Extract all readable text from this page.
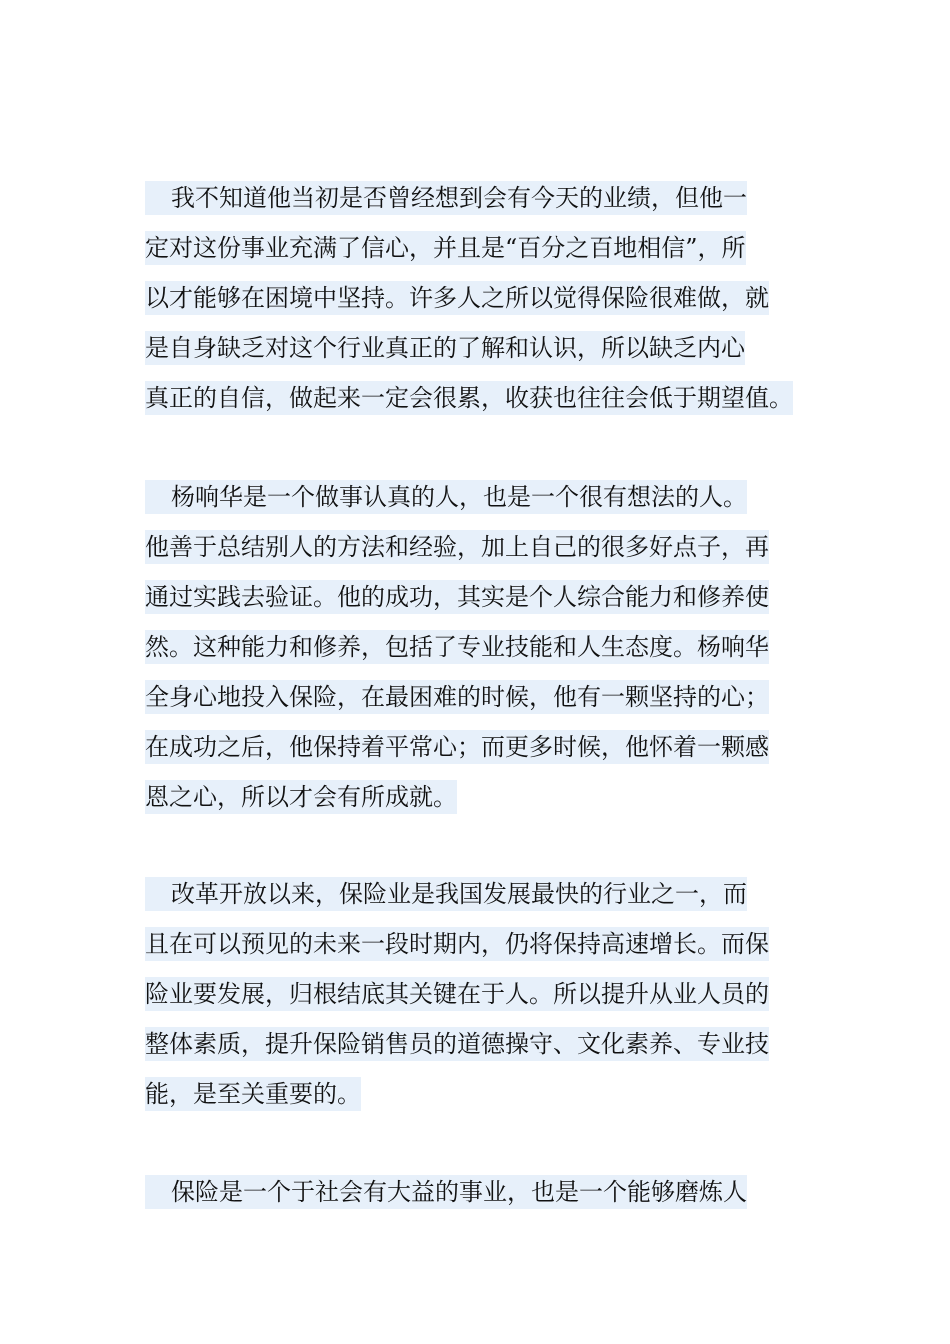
我不知道他当初是否曾经想到会有今天的业绩，但他一
定对这份事业充满了信心，并且是“百分之百地相信”，所
以才能够在困境中坚持。许多人之所以觉得保险很难做，就
是自身缺乏对这个行业真正的了解和认识，所以缺乏内心
真正的自信，做起来一定会很累，收获也往往会低于期望值。
杨响华是一个做事认真的人，也是一个很有想法的人。
他善于总结别人的方法和经验，加上自己的很多好点子，再
通过实践去验证。他的成功，其实是个人综合能力和修养使
然。这种能力和修养，包括了专业技能和人生态度。杨响华
全身心地投入保险，在最困难的时候，他有一颗坚持的心；
在成功之后，他保持着平常心；而更多时候，他怀着一颗感
恩之心，所以才会有所成就。
改革开放以来，保险业是我国发展最快的行业之一，而
且在可以预见的未来一段时期内，仍将保持高速增长。而保
险业要发展，归根结底其关键在于人。所以提升从业人员的
整体素质，提升保险销售员的道德操守、文化素养、专业技
能，是至关重要的。
保险是一个于社会有大益的事业，也是一个能够磨炼人
